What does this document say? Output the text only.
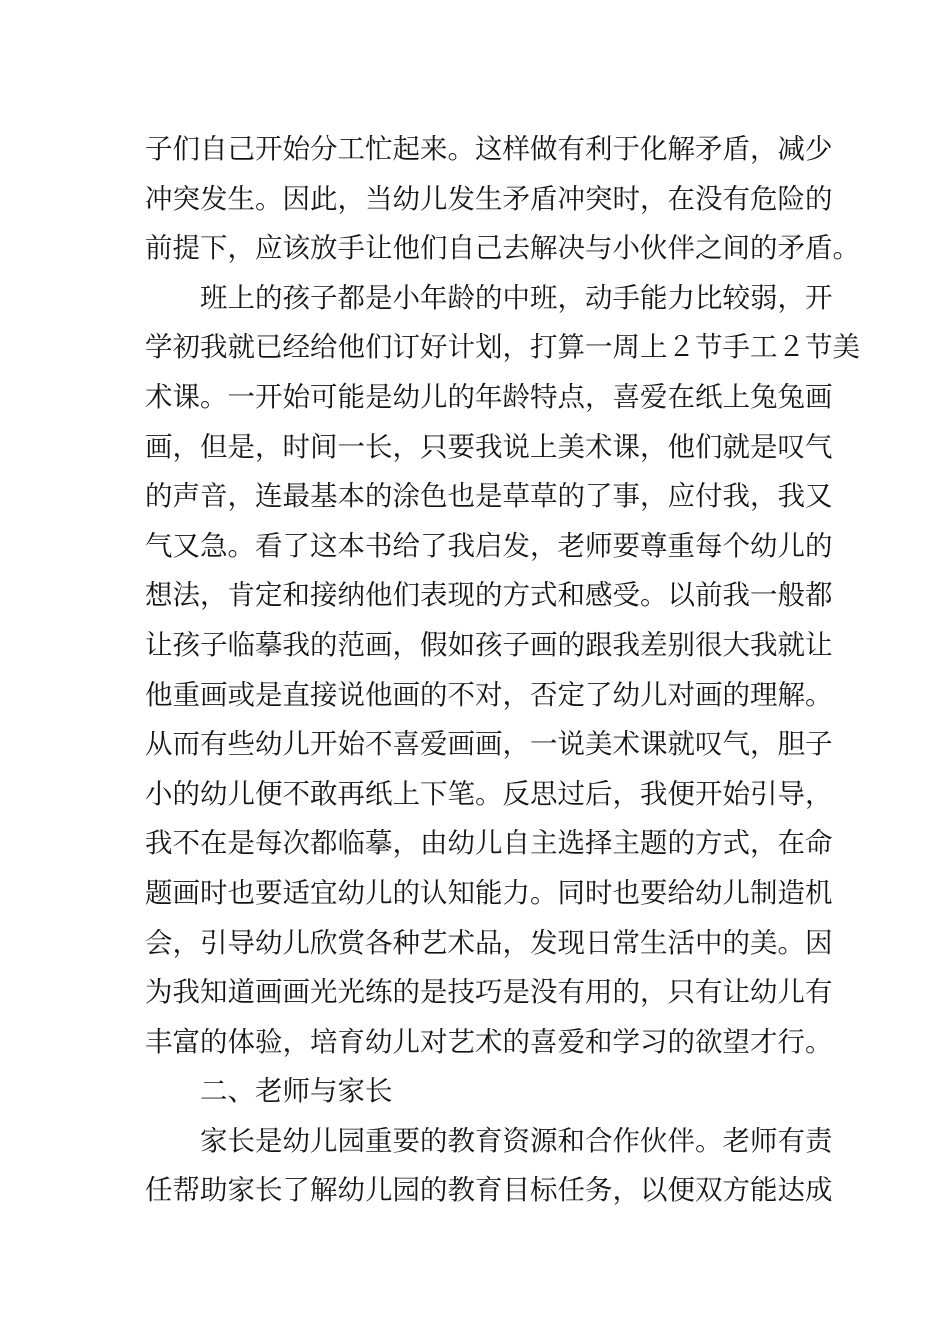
子们自己开始分工忙起来。这样做有利于化解矛盾，减少
冲突发生。因此，当幼儿发生矛盾冲突时，在没有危险的
前提下，应该放手让他们自己去解决与小伙伴之间的矛盾。
班上的孩子都是小年龄的中班，动手能力比较弱，开
学初我就已经给他们订好计划，打算一周上２节手工２节美
术课。一开始可能是幼儿的年龄特点，喜爱在纸上兔兔画
画，但是，时间一长，只要我说上美术课，他们就是叹气
的声音，连最基本的涂色也是草草的了事，应付我，我又
气又急。看了这本书给了我启发，老师要尊重每个幼儿的
想法，肯定和接纳他们表现的方式和感受。以前我一般都
让孩子临摹我的范画，假如孩子画的跟我差别很大我就让
他重画或是直接说他画的不对，否定了幼儿对画的理解。
从而有些幼儿开始不喜爱画画，一说美术课就叹气，胆子
小的幼儿便不敢再纸上下笔。反思过后，我便开始引导，
我不在是每次都临摹，由幼儿自主选择主题的方式，在命
题画时也要适宜幼儿的认知能力。同时也要给幼儿制造机
会，引导幼儿欣赏各种艺术品，发现日常生活中的美。因
为我知道画画光光练的是技巧是没有用的，只有让幼儿有
丰富的体验，培育幼儿对艺术的喜爱和学习的欲望才行。
二、老师与家长
家长是幼儿园重要的教育资源和合作伙伴。老师有责
任帮助家长了解幼儿园的教育目标任务，以便双方能达成
